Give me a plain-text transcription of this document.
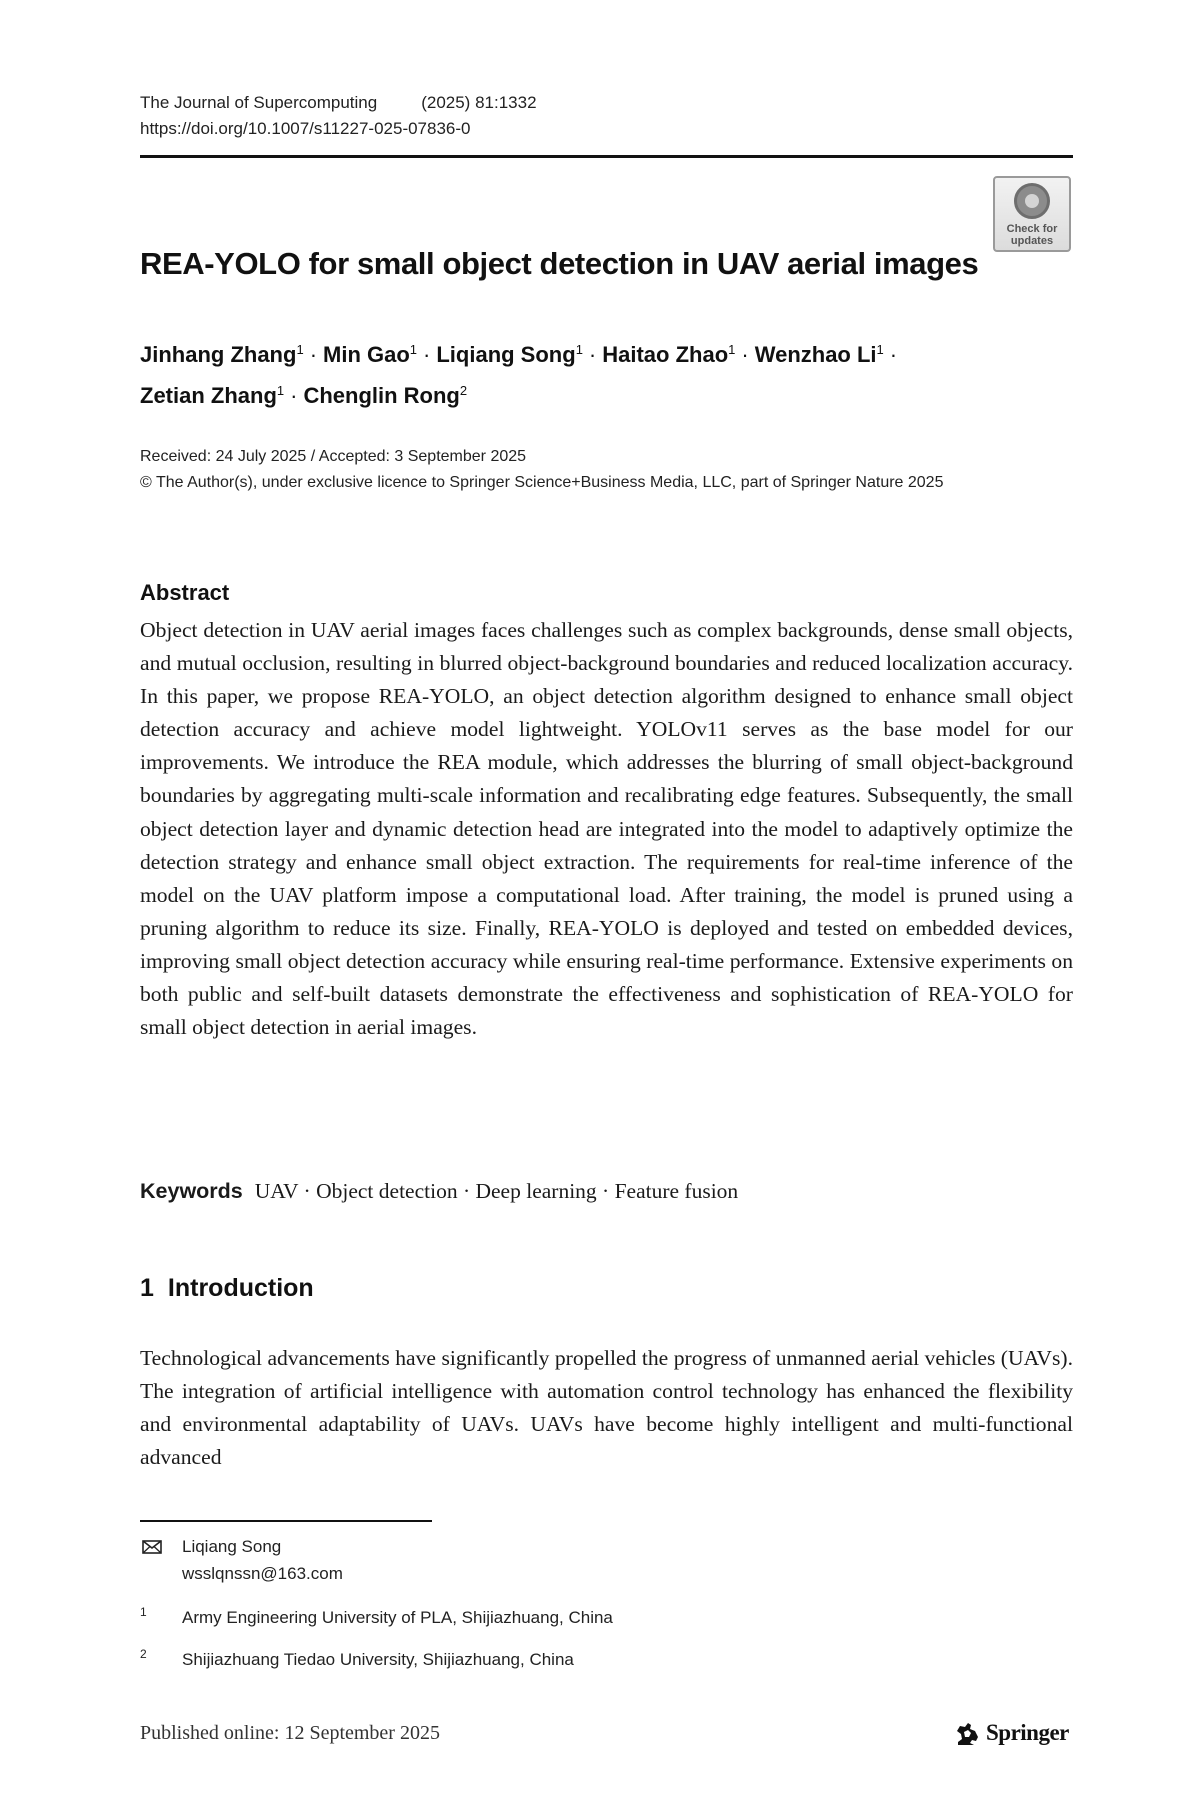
The Journal of Supercomputing	(2025) 81:1332
https://doi.org/10.1007/s11227-025-07836-0
Check for
updates
REA-YOLO for small object detection in UAV aerial images
Jinhang Zhang$^1$ · Min Gao$^1$ · Liqiang Song$^1$ · Haitao Zhao$^1$ · Wenzhao $Li^1$ ·
Zetian Zhang$^1$ · Chenglin Rong$^2$
Received: 24 July 2025 / Accepted: 3 September 2025
© The Author(s), under exclusive licence to Springer Science+Business Media, LLC, part of Springer Nature 2025
Abstract
Object detection in UAV aerial images faces challenges such as complex backgrounds, dense small objects, and mutual occlusion, resulting in blurred object-background boundaries and reduced localization accuracy. In this paper, we propose REA-YOLO, an object detection algorithm designed to enhance small object detection accuracy and achieve model lightweight. YOLOv11 serves as the base model for our improvements. We introduce the REA module, which addresses the blurring of small object-background boundaries by aggregating multi-scale information and recalibrating edge features. Subsequently, the small object detection layer and dynamic detection head are integrated into the model to adaptively optimize the detection strategy and enhance small object extraction. The requirements for real-time inference of the model on the UAV platform impose a computational load. After training, the model is pruned using a pruning algorithm to reduce its size. Finally, REA-YOLO is deployed and tested on embedded devices, improving small object detection accuracy while ensuring real-time performance. Extensive experiments on both public and self-built datasets demonstrate the effectiveness and sophistication of REA-YOLO for small object detection in aerial images.
Keywords UAV · Object detection · Deep learning · Feature fusion
1 Introduction
Technological advancements have significantly propelled the progress of unmanned aerial vehicles (UAVs). The integration of artificial intelligence with automation control technology has enhanced the flexibility and environmental adaptability of UAVs. UAVs have become highly intelligent and multi-functional advanced
Liqiang Song
wsslqnssn@163.com
1 Army Engineering University of PLA, Shijiazhuang, China
2 Shijiazhuang Tiedao University, Shijiazhuang, China
Published online: 12 September 2025	Springer
